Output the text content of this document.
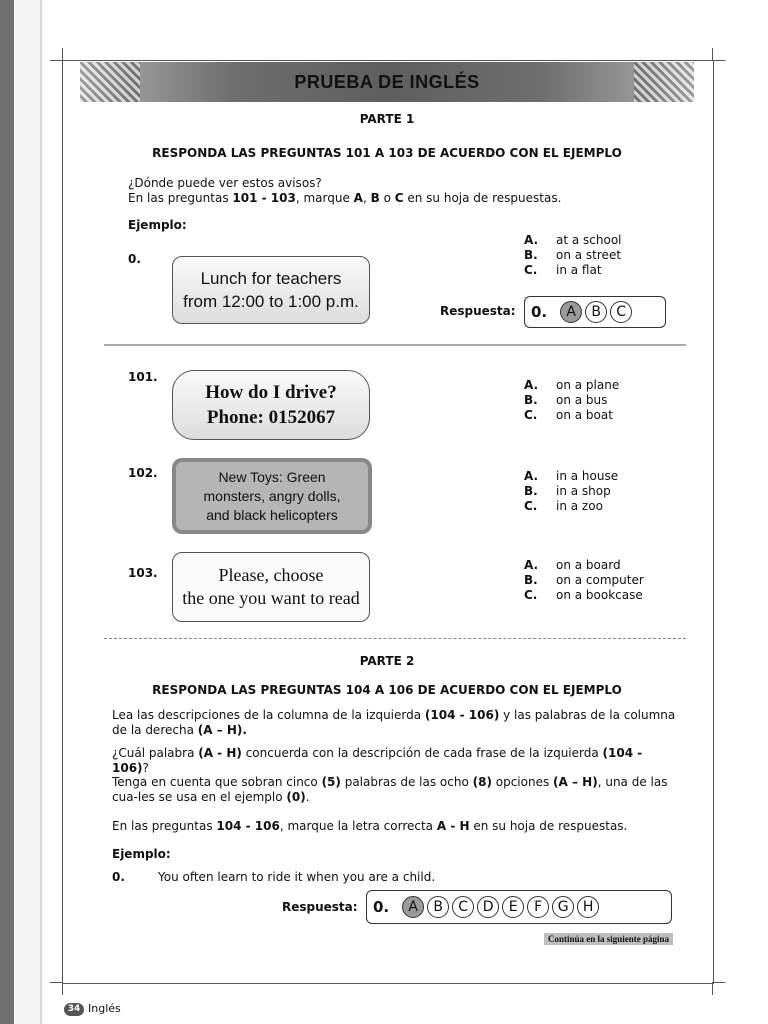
PRUEBA DE INGLÉS
PARTE 1
RESPONDA LAS PREGUNTAS 101 A 103 DE ACUERDO CON EL EJEMPLO
¿Dónde puede ver estos avisos?
En las preguntas 101 - 103, marque A, B o C en su hoja de respuestas.
Ejemplo:
0.
Lunch for teachers
from 12:00 to 1:00 p.m.
A. at a school
B. on a street
C. in a flat
Respuesta: 0.	A	B	C
101.
How do I drive?
Phone: 0152067
A. on a plane
B. on a bus
C. on a boat
102.	New Toys: Green
monsters, angry dolls,
and black helicopters
A. in a house
B. in a shop
C. in a zoo
103.	Please, choose
the one you want to read
A. on a board
B. on a computer
C. on a bookcase
PARTE 2
RESPONDA LAS PREGUNTAS 104 A 106 DE ACUERDO CON EL EJEMPLO
Lea las descripciones de la columna de la izquierda (104 - 106) y las palabras de la columna de la derecha (A – H).
¿Cuál palabra (A - H) concuerda con la descripción de cada frase de la izquierda (104 - 106)?
Tenga en cuenta que sobran cinco (5) palabras de las ocho (8) opciones (A – H), una de las cua-les se usa en el ejemplo (0).
En las preguntas 104 - 106, marque la letra correcta A - H en su hoja de respuestas.
Ejemplo:
0.	You often learn to ride it when you are a child.
Respuesta: 0.	A	B	C	D	E	F	G	H
Continúa en la siguiente página
34 Inglés
